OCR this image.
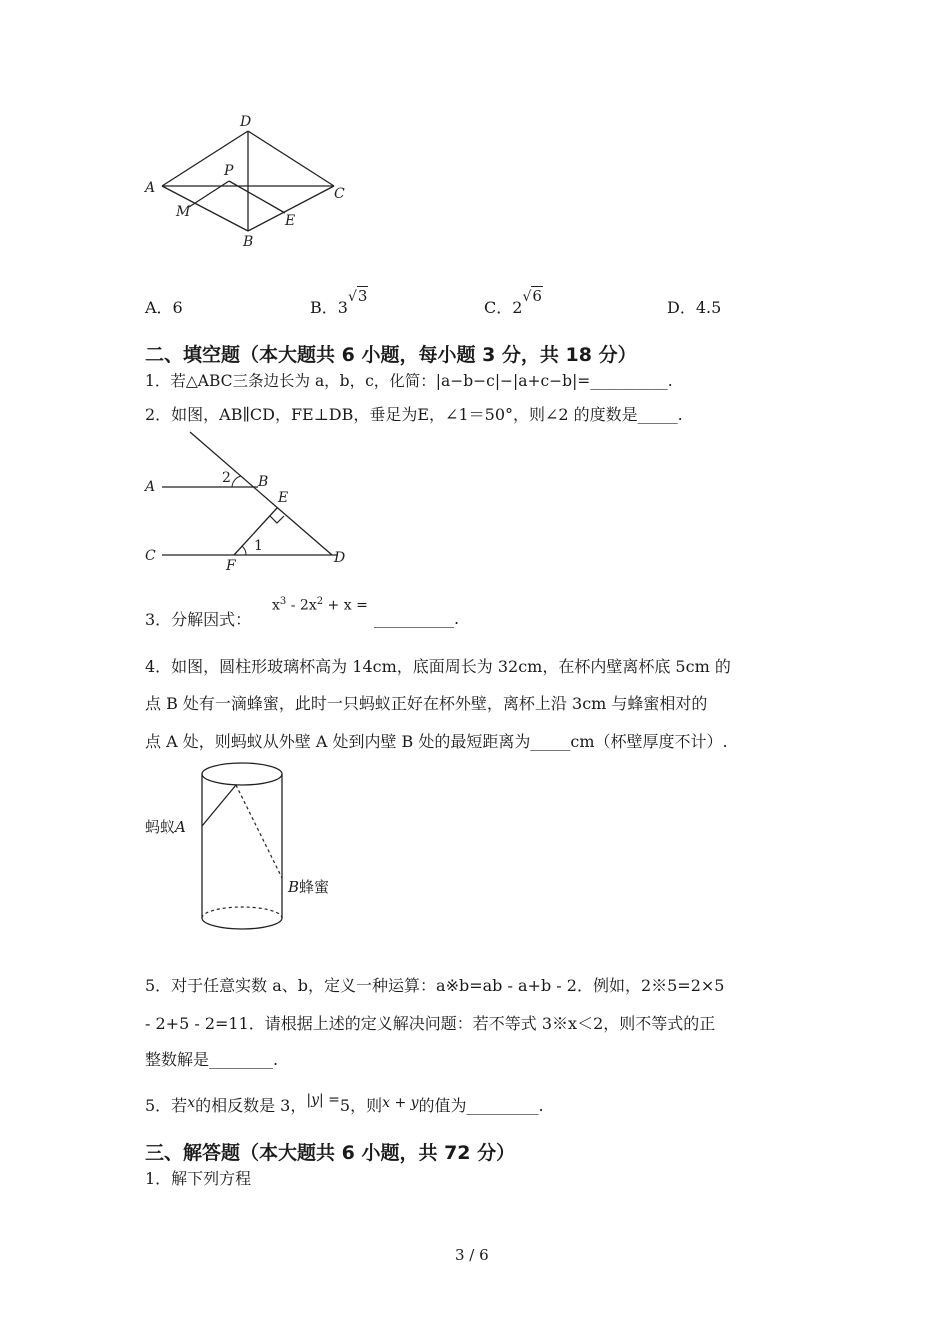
D
A
P
C
M
E
B
A．6	B．3√3
C．2√6
D．4.5
二、填空题（本大题共 6 小题，每小题 3 分，共 18 分）
1．若△ABC三条边长为 a，b，c，化简：|a−b−c|−|a+c−b|=__________.
2．如图，AB∥CD，FE⊥DB，垂足为E，∠1＝50°，则∠2 的度数是_____.
A
2 B
E
1
C
F	D
3．分解因式：
$x^3 - 2x^2 + x$ =
__________.
4．如图，圆柱形玻璃杯高为 14cm，底面周长为 32cm，在杯内壁离杯底 5cm 的
点 B 处有一滴蜂蜜，此时一只蚂蚁正好在杯外壁，离杯上沿 3cm 与蜂蜜相对的
点 A 处，则蚂蚁从外壁 A 处到内壁 B 处的最短距离为_____cm（杯壁厚度不计）.
蚂蚁A
B蜂蜜
5．对于任意实数 a、b，定义一种运算：a※b=ab - a+b - 2．例如，2※5=2×5
- 2+5 - 2=11．请根据上述的定义解决问题：若不等式 3※x＜2，则不等式的正
整数解是________.
5．若x的相反数是 3，|y| =5，则x + y的值为_________.
三、解答题（本大题共 6 小题，共 72 分）
1．解下列方程
3 / 6
